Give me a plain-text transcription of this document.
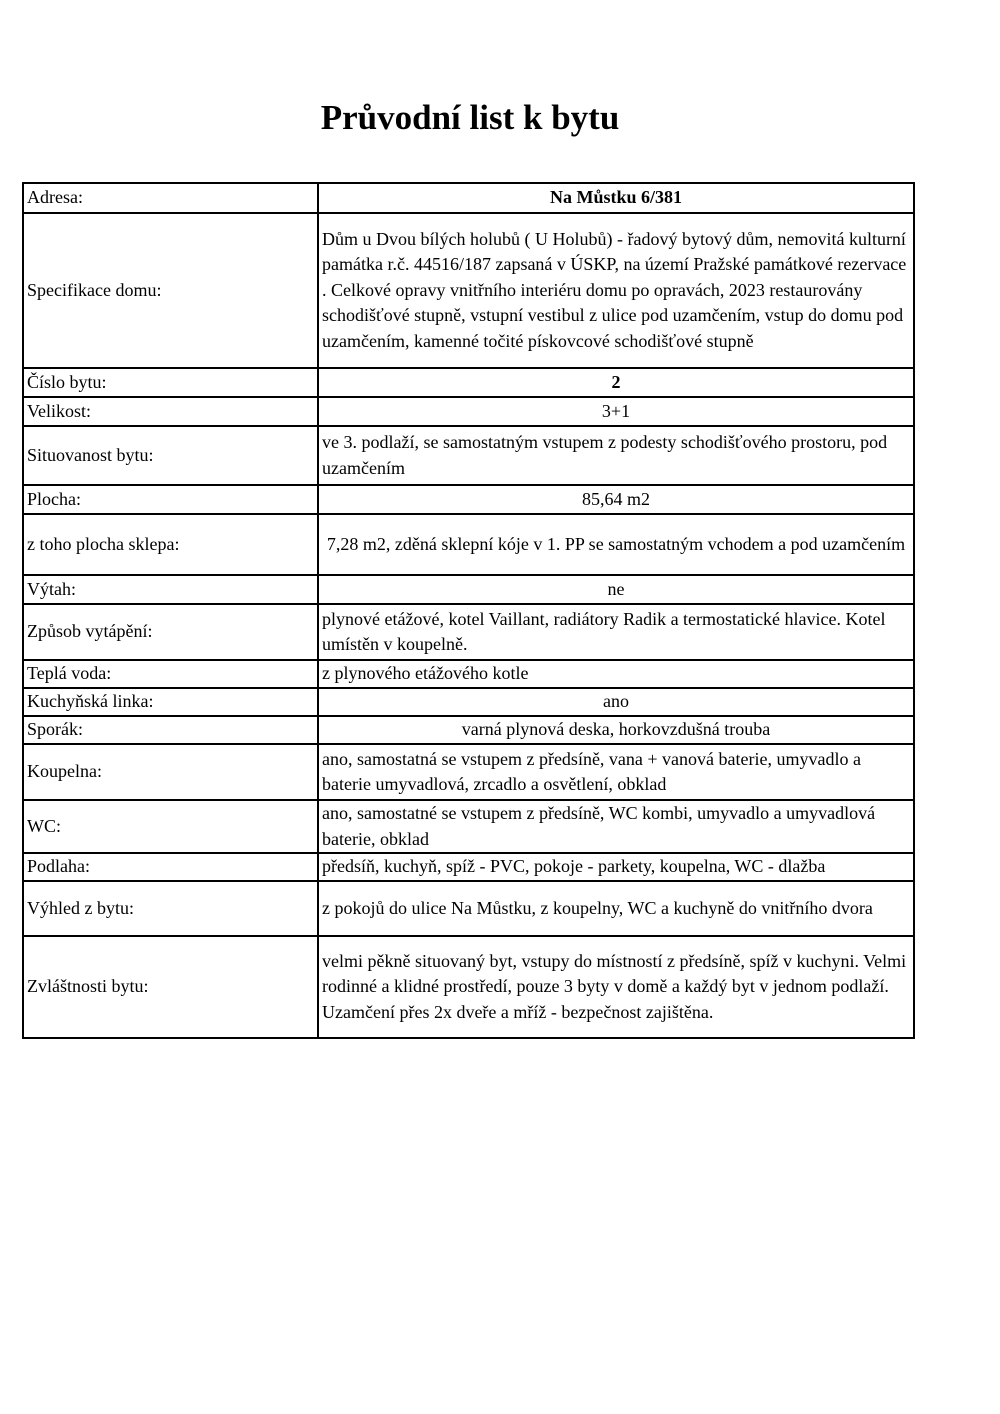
Průvodní list k bytu
Adresa:	Na Můstku 6/381
Specifikace domu:	Dům u Dvou bílých holubů ( U Holubů) - řadový bytový dům, nemovitá kulturní památka r.č. 44516/187 zapsaná v ÚSKP, na území Pražské památkové rezervace . Celkové opravy vnitřního interiéru domu po opravách, 2023 restaurovány schodišťové stupně, vstupní vestibul z ulice pod uzamčením, vstup do domu pod uzamčením, kamenné točité pískovcové schodišťové stupně
Číslo bytu:	2
Velikost:	3+1
Situovanost bytu:	ve 3. podlaží, se samostatným vstupem z podesty schodišťového prostoru, pod uzamčením
Plocha:	85,64 m2
z toho plocha sklepa:	7,28 m2, zděná sklepní kóje v 1. PP se samostatným vchodem a pod uzamčením
Výtah:	ne
Způsob vytápění:	plynové etážové, kotel Vaillant, radiátory Radik a termostatické hlavice. Kotel umístěn v koupelně.
Teplá voda:	z plynového etážového kotle
Kuchyňská linka:	ano
Sporák:	varná plynová deska, horkovzdušná trouba
Koupelna:	ano, samostatná se vstupem z předsíně, vana + vanová baterie, umyvadlo a baterie umyvadlová, zrcadlo a osvětlení, obklad
WC:	ano, samostatné se vstupem z předsíně, WC kombi, umyvadlo a umyvadlová baterie, obklad
Podlaha:	předsíň, kuchyň, spíž - PVC, pokoje - parkety, koupelna, WC - dlažba
Výhled z bytu:	z pokojů do ulice Na Můstku, z koupelny, WC a kuchyně do vnitřního dvora
Zvláštnosti bytu:	velmi pěkně situovaný byt, vstupy do místností z předsíně, spíž v kuchyni. Velmi rodinné a klidné prostředí, pouze 3 byty v domě a každý byt v jednom podlaží. Uzamčení přes 2x dveře a mříž - bezpečnost zajištěna.
